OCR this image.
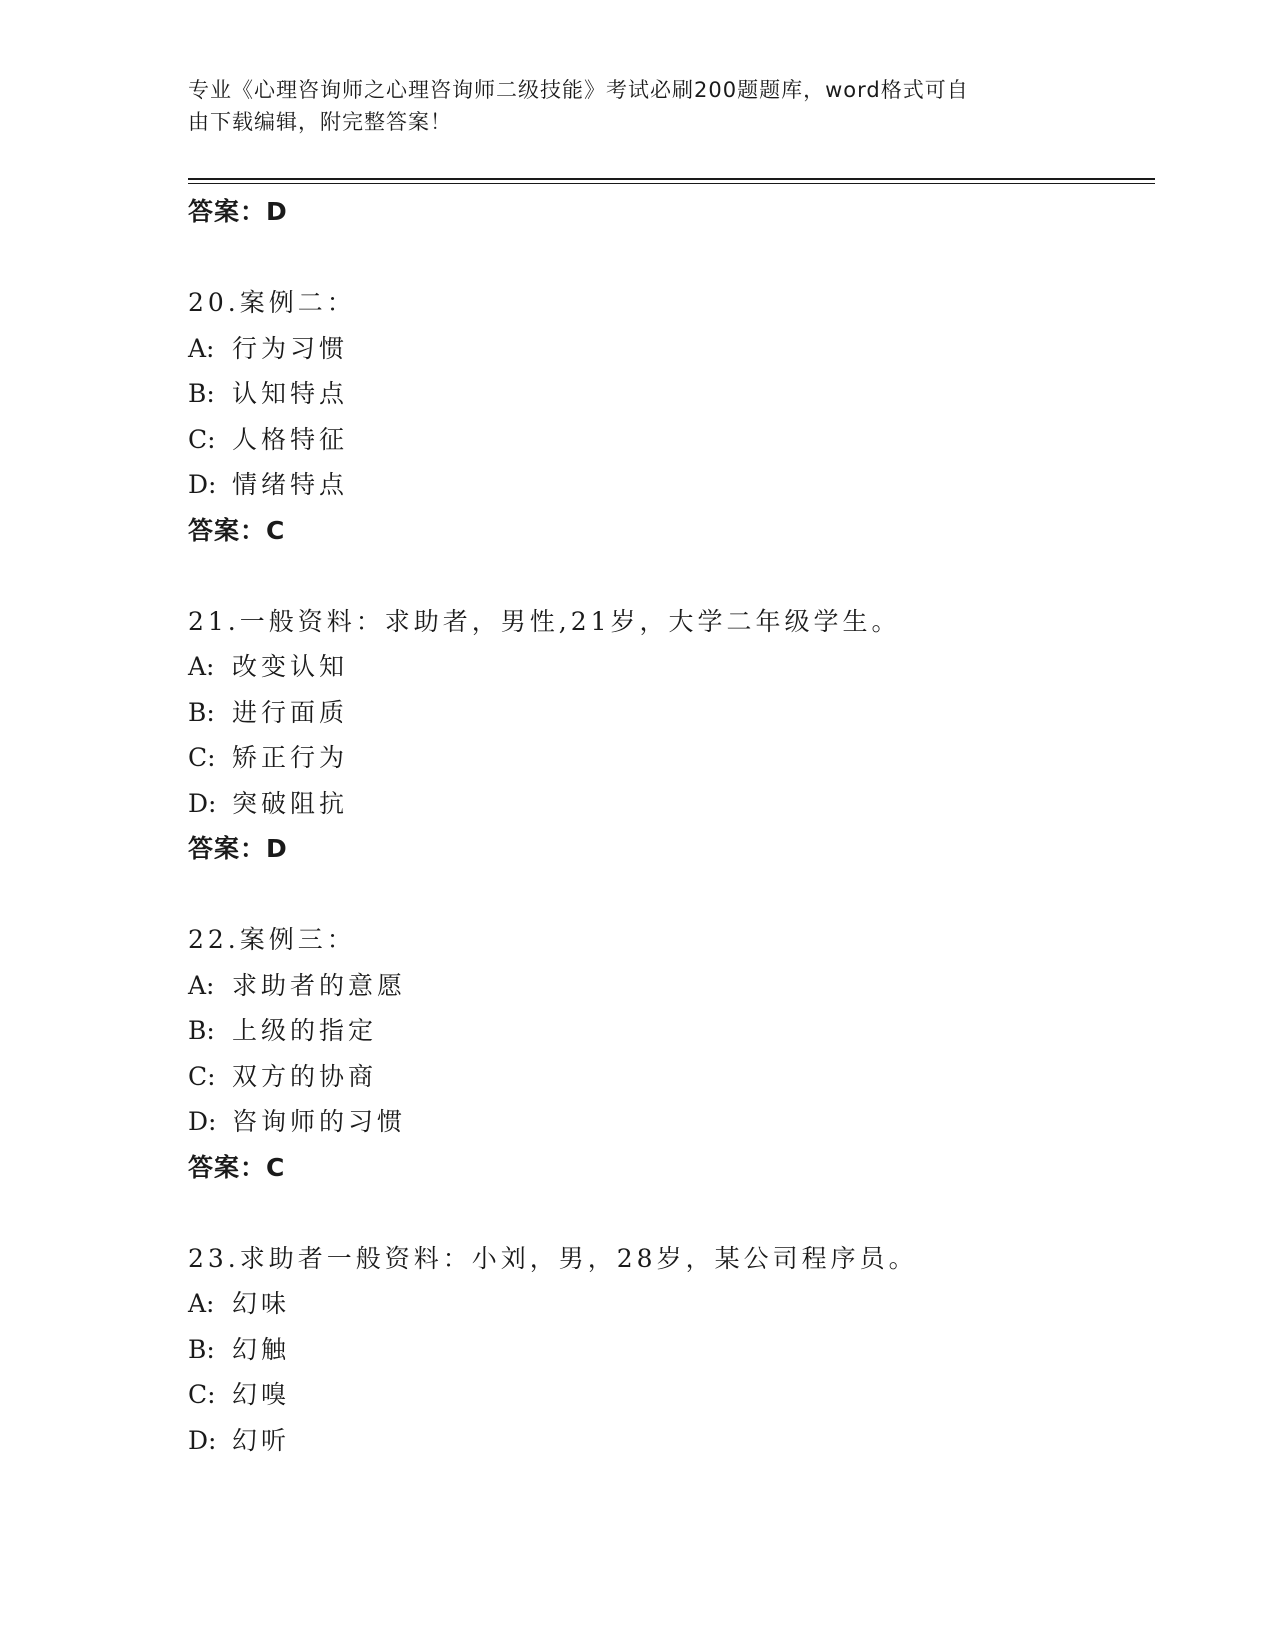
专业《心理咨询师之心理咨询师二级技能》考试必刷200题题库，word格式可自
由下载编辑，附完整答案！
答案：D
20.案例二：
A: 行为习惯
B: 认知特点
C: 人格特征
D: 情绪特点
答案：C
21.一般资料：求助者，男性,21岁，大学二年级学生。
A: 改变认知
B: 进行面质
C: 矫正行为
D: 突破阻抗
答案：D
22.案例三：
A: 求助者的意愿
B: 上级的指定
C: 双方的协商
D: 咨询师的习惯
答案：C
23.求助者一般资料：小刘，男，28岁，某公司程序员。
A: 幻味
B: 幻触
C: 幻嗅
D: 幻听
